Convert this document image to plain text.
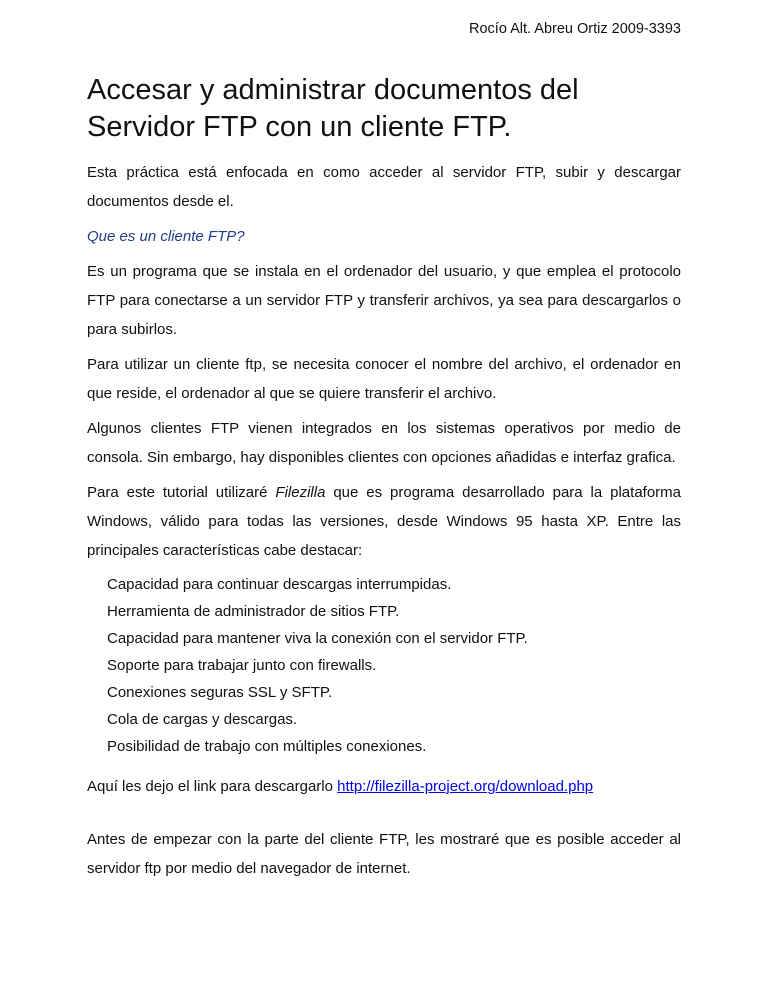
Rocío Alt. Abreu Ortiz 2009-3393
Accesar y administrar documentos del Servidor FTP con un cliente FTP.

Esta práctica está enfocada en como acceder al servidor FTP, subir y descargar documentos desde el.

Que es un cliente FTP?

Es un programa que se instala en el ordenador del usuario, y que emplea el protocolo FTP para conectarse a un servidor FTP y transferir archivos, ya sea para descargarlos o para subirlos.

Para utilizar un cliente ftp, se necesita conocer el nombre del archivo, el ordenador en que reside, el ordenador al que se quiere transferir el archivo.

Algunos clientes FTP vienen integrados en los sistemas operativos por medio de consola. Sin embargo, hay disponibles clientes con opciones añadidas e interfaz grafica.

Para este tutorial utilizaré Filezilla que es programa desarrollado para la plataforma Windows, válido para todas las versiones, desde Windows 95 hasta XP. Entre las principales características cabe destacar:

Capacidad para continuar descargas interrumpidas.
Herramienta de administrador de sitios FTP.
Capacidad para mantener viva la conexión con el servidor FTP.
Soporte para trabajar junto con firewalls.
Conexiones seguras SSL y SFTP.
Cola de cargas y descargas.
Posibilidad de trabajo con múltiples conexiones.

Aquí les dejo el link para descargarlo http://filezilla-project.org/download.php

Antes de empezar con la parte del cliente FTP, les mostraré que es posible acceder al servidor ftp por medio del navegador de internet.
